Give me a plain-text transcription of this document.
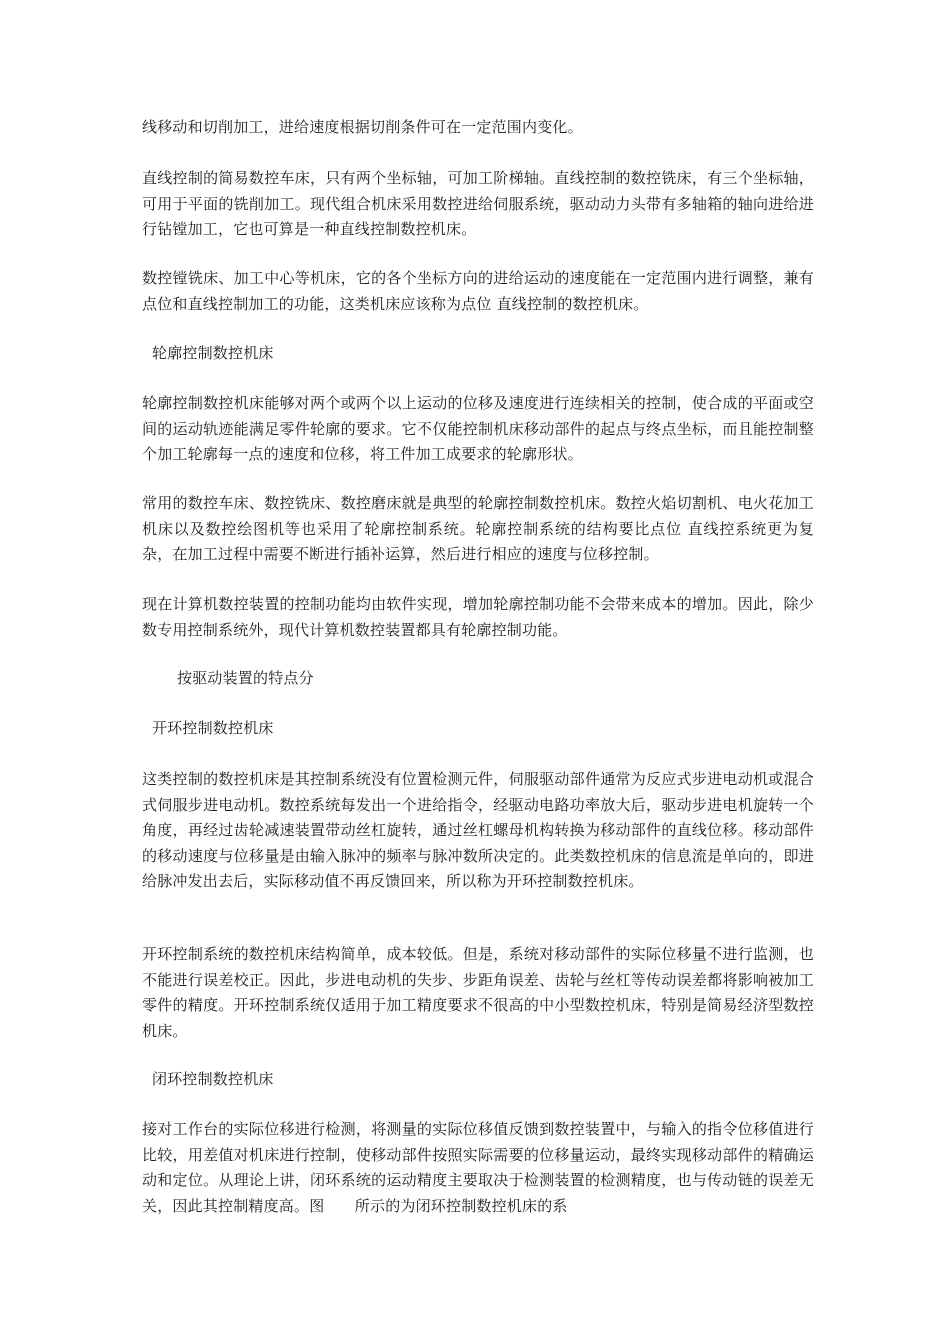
线移动和切削加工，进给速度根据切削条件可在一定范围内变化。

直线控制的简易数控车床，只有两个坐标轴，可加工阶梯轴。直线控制的数控铣床，有三个坐标轴，可用于平面的铣削加工。现代组合机床采用数控进给伺服系统，驱动动力头带有多轴箱的轴向进给进行钻镗加工，它也可算是一种直线控制数控机床。

数控镗铣床、加工中心等机床，它的各个坐标方向的进给运动的速度能在一定范围内进行调整，兼有点位和直线控制加工的功能，这类机床应该称为点位 直线控制的数控机床。

轮廓控制数控机床

轮廓控制数控机床能够对两个或两个以上运动的位移及速度进行连续相关的控制，使合成的平面或空间的运动轨迹能满足零件轮廓的要求。它不仅能控制机床移动部件的起点与终点坐标，而且能控制整个加工轮廓每一点的速度和位移，将工件加工成要求的轮廓形状。

常用的数控车床、数控铣床、数控磨床就是典型的轮廓控制数控机床。数控火焰切割机、电火花加工机床以及数控绘图机等也采用了轮廓控制系统。轮廓控制系统的结构要比点位 直线控系统更为复杂，在加工过程中需要不断进行插补运算，然后进行相应的速度与位移控制。

现在计算机数控装置的控制功能均由软件实现，增加轮廓控制功能不会带来成本的增加。因此，除少数专用控制系统外，现代计算机数控装置都具有轮廓控制功能。

按驱动装置的特点分

开环控制数控机床

这类控制的数控机床是其控制系统没有位置检测元件，伺服驱动部件通常为反应式步进电动机或混合式伺服步进电动机。数控系统每发出一个进给指令，经驱动电路功率放大后，驱动步进电机旋转一个角度，再经过齿轮减速装置带动丝杠旋转，通过丝杠螺母机构转换为移动部件的直线位移。移动部件的移动速度与位移量是由输入脉冲的频率与脉冲数所决定的。此类数控机床的信息流是单向的，即进给脉冲发出去后，实际移动值不再反馈回来，所以称为开环控制数控机床。

开环控制系统的数控机床结构简单，成本较低。但是，系统对移动部件的实际位移量不进行监测，也不能进行误差校正。因此，步进电动机的失步、步距角误差、齿轮与丝杠等传动误差都将影响被加工零件的精度。开环控制系统仅适用于加工精度要求不很高的中小型数控机床，特别是简易经济型数控机床。

闭环控制数控机床

接对工作台的实际位移进行检测，将测量的实际位移值反馈到数控装置中，与输入的指令位移值进行比较，用差值对机床进行控制，使移动部件按照实际需要的位移量运动，最终实现移动部件的精确运动和定位。从理论上讲，闭环系统的运动精度主要取决于检测装置的检测精度，也与传动链的误差无关，因此其控制精度高。图　　所示的为闭环控制数控机床的系
